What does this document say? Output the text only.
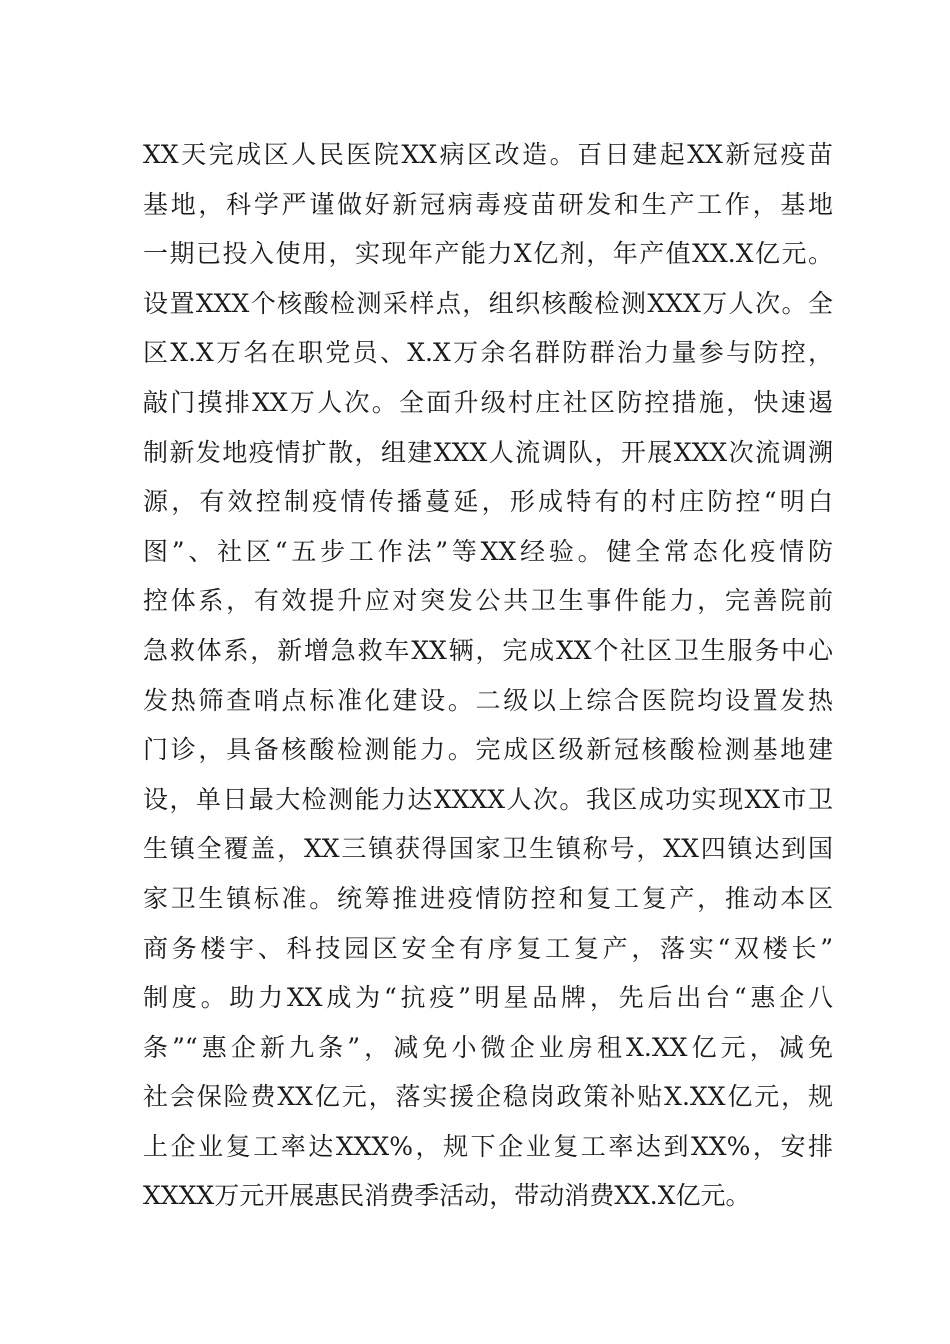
XX天完成区人民医院XX病区改造。百日建起XX新冠疫苗
基地，科学严谨做好新冠病毒疫苗研发和生产工作，基地
一期已投入使用，实现年产能力X亿剂，年产值XX.X亿元。
设置XXX个核酸检测采样点，组织核酸检测XXX万人次。全
区X.X万名在职党员、X.X万余名群防群治力量参与防控，
敲门摸排XX万人次。全面升级村庄社区防控措施，快速遏
制新发地疫情扩散，组建XXX人流调队，开展XXX次流调溯
源，有效控制疫情传播蔓延，形成特有的村庄防控“明白
图”、社区“五步工作法”等XX经验。健全常态化疫情防
控体系，有效提升应对突发公共卫生事件能力，完善院前
急救体系，新增急救车XX辆，完成XX个社区卫生服务中心
发热筛查哨点标准化建设。二级以上综合医院均设置发热
门诊，具备核酸检测能力。完成区级新冠核酸检测基地建
设，单日最大检测能力达XXXX人次。我区成功实现XX市卫
生镇全覆盖，XX三镇获得国家卫生镇称号，XX四镇达到国
家卫生镇标准。统筹推进疫情防控和复工复产，推动本区
商务楼宇、科技园区安全有序复工复产，落实“双楼长”
制度。助力XX成为“抗疫”明星品牌，先后出台“惠企八
条”“惠企新九条”，减免小微企业房租X.XX亿元，减免
社会保险费XX亿元，落实援企稳岗政策补贴X.XX亿元，规
上企业复工率达XXX%，规下企业复工率达到XX%，安排
XXXX万元开展惠民消费季活动，带动消费XX.X亿元。
